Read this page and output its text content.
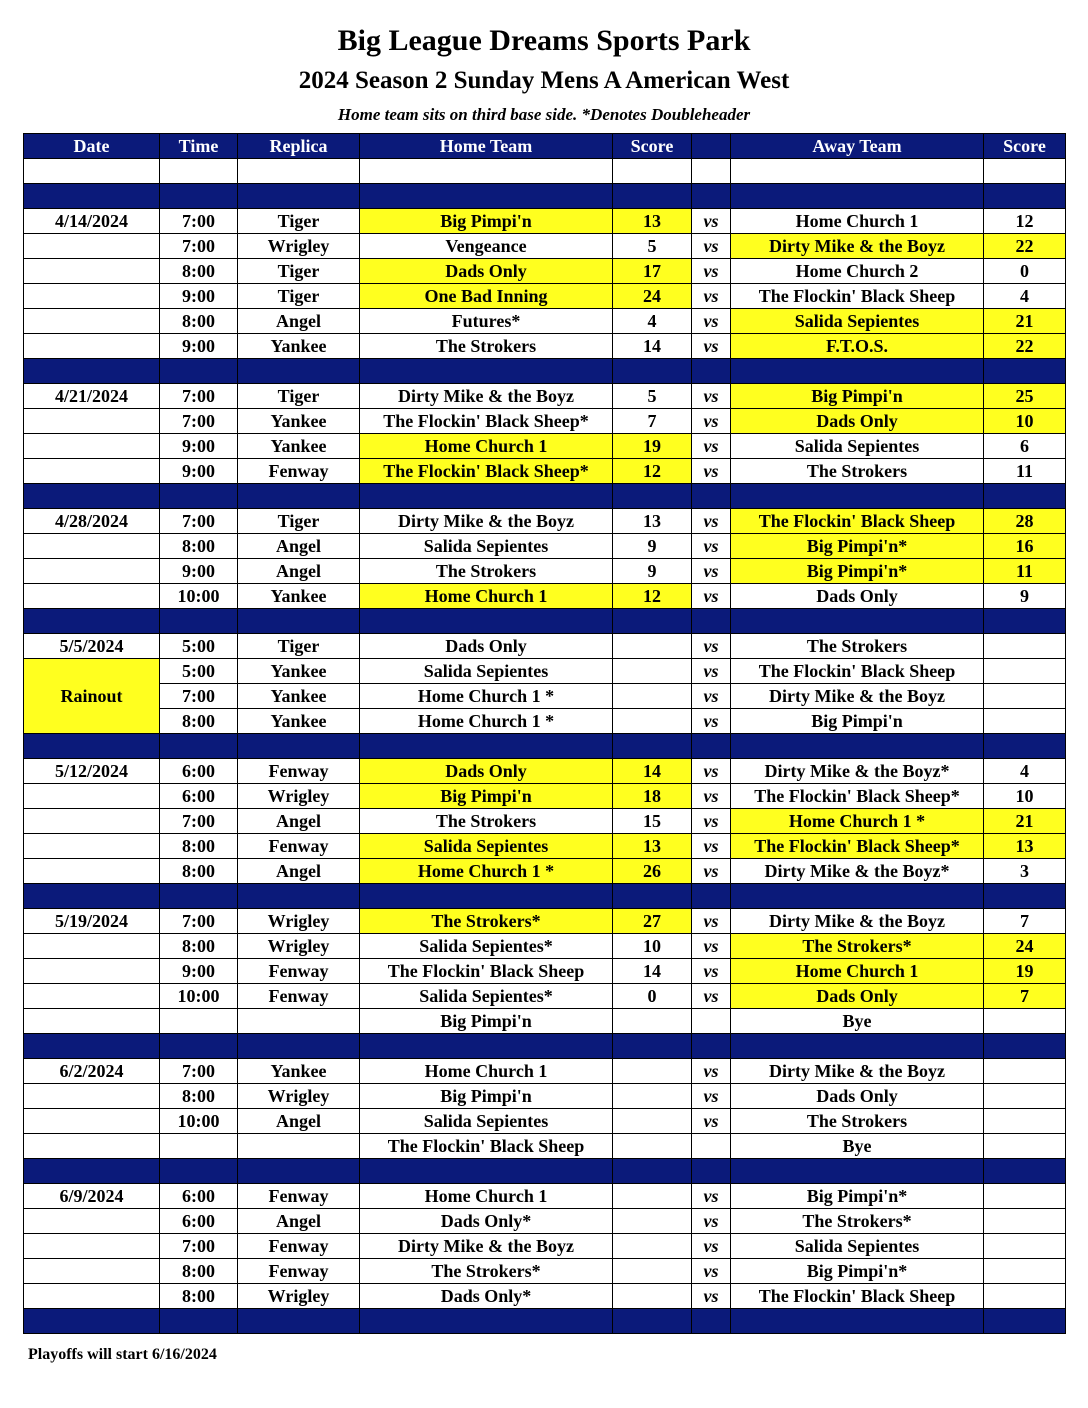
Big League Dreams Sports Park
2024 Season 2 Sunday Mens A American West
Home team sits on third base side. *Denotes Doubleheader
Date	Time	Replica	Home Team	Score		Away Team	Score

4/14/2024	7:00	Tiger	Big Pimpi'n	13	vs	Home Church 1	12
	7:00	Wrigley	Vengeance	5	vs	Dirty Mike & the Boyz	22
	8:00	Tiger	Dads Only	17	vs	Home Church 2	0
	9:00	Tiger	One Bad Inning	24	vs	The Flockin' Black Sheep	4
	8:00	Angel	Futures*	4	vs	Salida Sepientes	21
	9:00	Yankee	The Strokers	14	vs	F.T.O.S.	22

4/21/2024	7:00	Tiger	Dirty Mike & the Boyz	5	vs	Big Pimpi'n	25
	7:00	Yankee	The Flockin' Black Sheep*	7	vs	Dads Only	10
	9:00	Yankee	Home Church 1	19	vs	Salida Sepientes	6
	9:00	Fenway	The Flockin' Black Sheep*	12	vs	The Strokers	11

4/28/2024	7:00	Tiger	Dirty Mike & the Boyz	13	vs	The Flockin' Black Sheep	28
	8:00	Angel	Salida Sepientes	9	vs	Big Pimpi'n*	16
	9:00	Angel	The Strokers	9	vs	Big Pimpi'n*	11
	10:00	Yankee	Home Church 1	12	vs	Dads Only	9

5/5/2024	5:00	Tiger	Dads Only		vs	The Strokers	
Rainout	5:00	Yankee	Salida Sepientes		vs	The Flockin' Black Sheep	
	7:00	Yankee	Home Church 1 *		vs	Dirty Mike & the Boyz	
	8:00	Yankee	Home Church 1 *		vs	Big Pimpi'n	

5/12/2024	6:00	Fenway	Dads Only	14	vs	Dirty Mike & the Boyz*	4
	6:00	Wrigley	Big Pimpi'n	18	vs	The Flockin' Black Sheep*	10
	7:00	Angel	The Strokers	15	vs	Home Church 1 *	21
	8:00	Fenway	Salida Sepientes	13	vs	The Flockin' Black Sheep*	13
	8:00	Angel	Home Church 1 *	26	vs	Dirty Mike & the Boyz*	3

5/19/2024	7:00	Wrigley	The Strokers*	27	vs	Dirty Mike & the Boyz	7
	8:00	Wrigley	Salida Sepientes*	10	vs	The Strokers*	24
	9:00	Fenway	The Flockin' Black Sheep	14	vs	Home Church 1	19
	10:00	Fenway	Salida Sepientes*	0	vs	Dads Only	7
			Big Pimpi'n			Bye	

6/2/2024	7:00	Yankee	Home Church 1		vs	Dirty Mike & the Boyz	
	8:00	Wrigley	Big Pimpi'n		vs	Dads Only	
	10:00	Angel	Salida Sepientes		vs	The Strokers	
			The Flockin' Black Sheep			Bye	

6/9/2024	6:00	Fenway	Home Church 1		vs	Big Pimpi'n*	
	6:00	Angel	Dads Only*		vs	The Strokers*	
	7:00	Fenway	Dirty Mike & the Boyz		vs	Salida Sepientes	
	8:00	Fenway	The Strokers*		vs	Big Pimpi'n*	
	8:00	Wrigley	Dads Only*		vs	The Flockin' Black Sheep	

Playoffs will start 6/16/2024
